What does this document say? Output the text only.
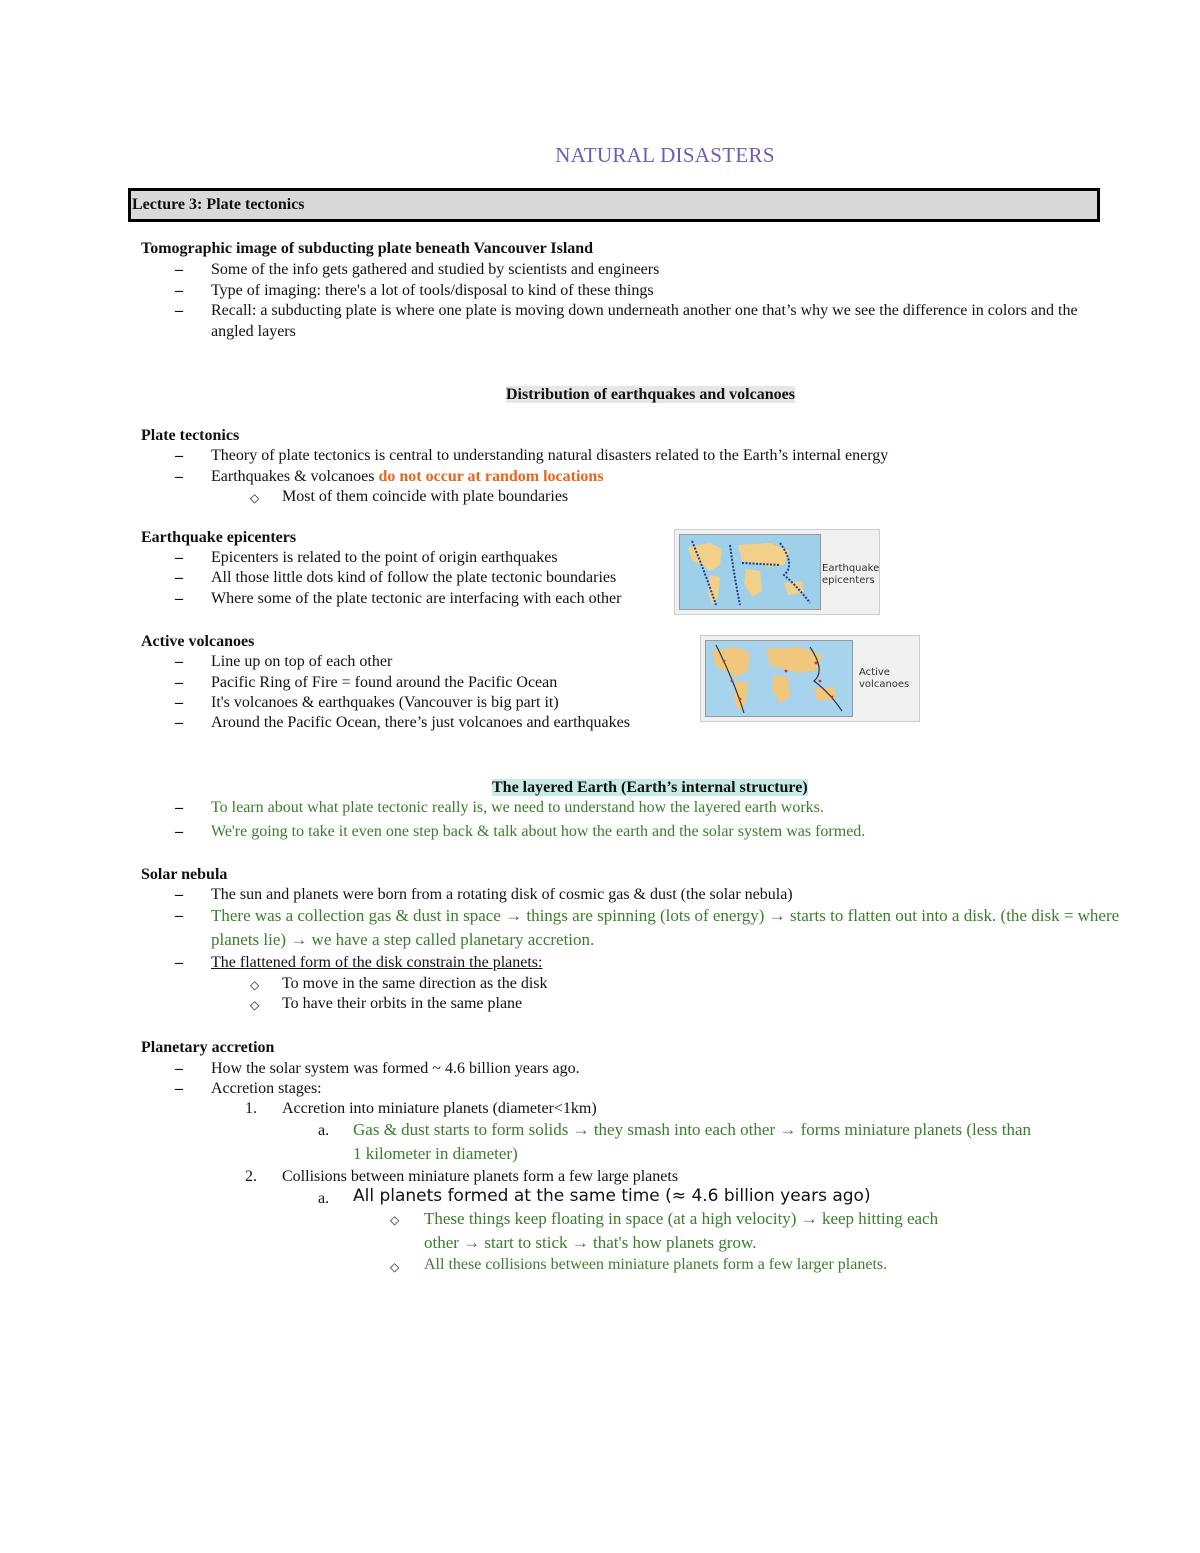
NATURAL DISASTERS
Lecture 3: Plate tectonics
Tomographic image of subducting plate beneath Vancouver Island
– Some of the info gets gathered and studied by scientists and engineers
– Type of imaging: there's a lot of tools/disposal to kind of these things
– Recall: a subducting plate is where one plate is moving down underneath another one that’s why we see the difference in colors and the
angled layers
Distribution of earthquakes and volcanoes
Plate tectonics
– Theory of plate tectonics is central to understanding natural disasters related to the Earth’s internal energy
– Earthquakes & volcanoes do not occur at random locations
◇ Most of them coincide with plate boundaries
Earthquake epicenters
– Epicenters is related to the point of origin earthquakes
– All those little dots kind of follow the plate tectonic boundaries
– Where some of the plate tectonic are interfacing with each other
Earthquake epicenters
Active volcanoes
– Line up on top of each other
– Pacific Ring of Fire = found around the Pacific Ocean
– It's volcanoes & earthquakes (Vancouver is big part it)
– Around the Pacific Ocean, there’s just volcanoes and earthquakes
Active volcanoes
The layered Earth (Earth’s internal structure)
– To learn about what plate tectonic really is, we need to understand how the layered earth works.
– We're going to take it even one step back & talk about how the earth and the solar system was formed.
Solar nebula
– The sun and planets were born from a rotating disk of cosmic gas & dust (the solar nebula)
– There was a collection gas & dust in space → things are spinning (lots of energy) → starts to flatten out into a disk. (the disk = where
planets lie) → we have a step called planetary accretion.
– The flattened form of the disk constrain the planets:
◇ To move in the same direction as the disk
◇ To have their orbits in the same plane
Planetary accretion
– How the solar system was formed ~ 4.6 billion years ago.
– Accretion stages:
1. Accretion into miniature planets (diameter<1km)
a. Gas & dust starts to form solids → they smash into each other → forms miniature planets (less than
1 kilometer in diameter)
2. Collisions between miniature planets form a few large planets
a. All planets formed at the same time (≈ 4.6 billion years ago)
◇ These things keep floating in space (at a high velocity) → keep hitting each
other → start to stick → that's how planets grow.
◇ All these collisions between miniature planets form a few larger planets.
